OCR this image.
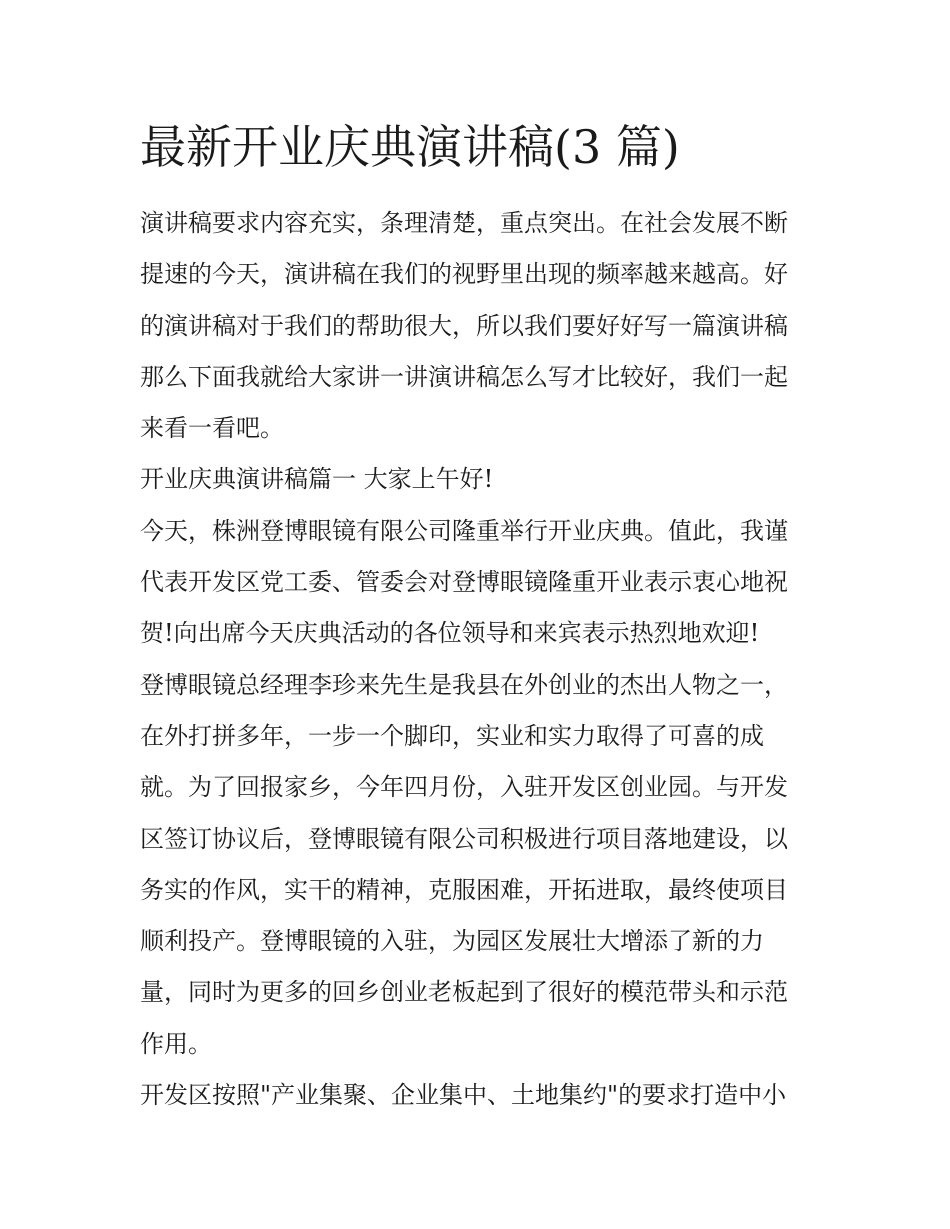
最新开业庆典演讲稿(3 篇)
演讲稿要求内容充实，条理清楚，重点突出。在社会发展不断
提速的今天，演讲稿在我们的视野里出现的频率越来越高。好
的演讲稿对于我们的帮助很大，所以我们要好好写一篇演讲稿
那么下面我就给大家讲一讲演讲稿怎么写才比较好，我们一起
来看一看吧。
开业庆典演讲稿篇一 大家上午好!
今天，株洲登博眼镜有限公司隆重举行开业庆典。值此，我谨
代表开发区党工委、管委会对登博眼镜隆重开业表示衷心地祝
贺!向出席今天庆典活动的各位领导和来宾表示热烈地欢迎!
登博眼镜总经理李珍来先生是我县在外创业的杰出人物之一，
在外打拼多年，一步一个脚印，实业和实力取得了可喜的成
就。为了回报家乡，今年四月份，入驻开发区创业园。与开发
区签订协议后，登博眼镜有限公司积极进行项目落地建设，以
务实的作风，实干的精神，克服困难，开拓进取，最终使项目
顺利投产。登博眼镜的入驻，为园区发展壮大增添了新的力
量，同时为更多的回乡创业老板起到了很好的模范带头和示范
作用。
开发区按照"产业集聚、企业集中、土地集约"的要求打造中小
